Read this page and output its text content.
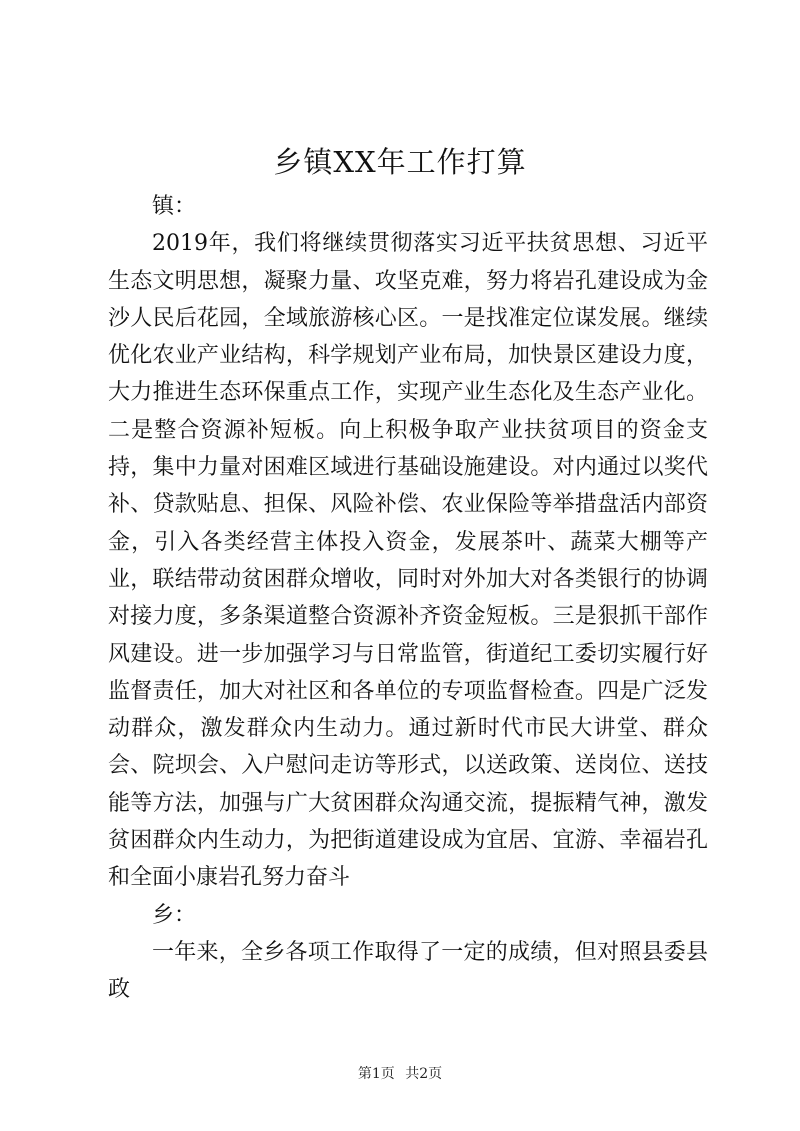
乡镇XX年工作打算

镇：

2019年，我们将继续贯彻落实习近平扶贫思想、习近平生态文明思想，凝聚力量、攻坚克难，努力将岩孔建设成为金沙人民后花园，全域旅游核心区。一是找准定位谋发展。继续优化农业产业结构，科学规划产业布局，加快景区建设力度，大力推进生态环保重点工作，实现产业生态化及生态产业化。二是整合资源补短板。向上积极争取产业扶贫项目的资金支持，集中力量对困难区域进行基础设施建设。对内通过以奖代补、贷款贴息、担保、风险补偿、农业保险等举措盘活内部资金，引入各类经营主体投入资金，发展茶叶、蔬菜大棚等产业，联结带动贫困群众增收，同时对外加大对各类银行的协调对接力度，多条渠道整合资源补齐资金短板。三是狠抓干部作风建设。进一步加强学习与日常监管，街道纪工委切实履行好监督责任，加大对社区和各单位的专项监督检查。四是广泛发动群众，激发群众内生动力。通过新时代市民大讲堂、群众会、院坝会、入户慰问走访等形式，以送政策、送岗位、送技能等方法，加强与广大贫困群众沟通交流，提振精气神，激发贫困群众内生动力，为把街道建设成为宜居、宜游、幸福岩孔和全面小康岩孔努力奋斗

乡：

一年来，全乡各项工作取得了一定的成绩，但对照县委县政

第1页 共2页
